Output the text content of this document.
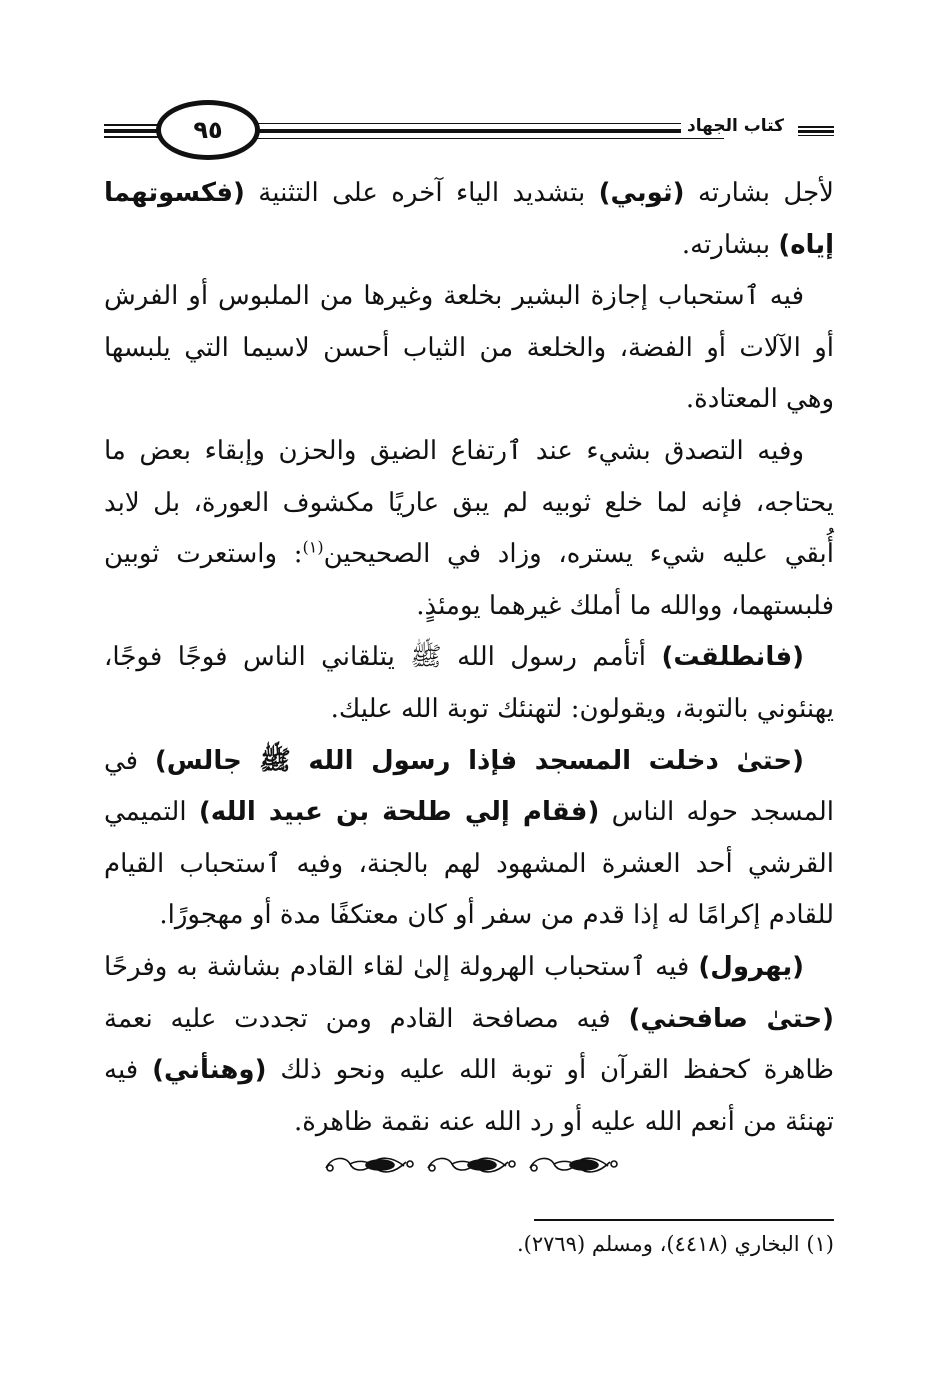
٩٥	كتاب الجهاد

لأجل بشارته (ثوبي) بتشديد الياء آخره على التثنية (فكسوتهما إياه) ببشارته.

فيه ٱستحباب إجازة البشير بخلعة وغيرها من الملبوس أو الفرش أو الآلات أو الفضة، والخلعة من الثياب أحسن لاسيما التي يلبسها وهي المعتادة.

وفيه التصدق بشيء عند ٱرتفاع الضيق والحزن وإبقاء بعض ما يحتاجه، فإنه لما خلع ثوبيه لم يبق عاريًا مكشوف العورة، بل لابد أُبقي عليه شيء يستره، وزاد في الصحيحين$^{(١)}$: واستعرت ثوبين فلبستهما، ووالله ما أملك غيرهما يومئذٍ.

(فانطلقت) أتأمم رسول الله ﷺ يتلقاني الناس فوجًا فوجًا، يهنئوني بالتوبة، ويقولون: لتهنئك توبة الله عليك.

(حتىٰ دخلت المسجد فإذا رسول الله ﷺ جالس) في المسجد حوله الناس (فقام إلي طلحة بن عبيد الله) التميمي القرشي أحد العشرة المشهود لهم بالجنة، وفيه ٱستحباب القيام للقادم إكرامًا له إذا قدم من سفر أو كان معتكفًا مدة أو مهجورًا.

(يهرول) فيه ٱستحباب الهرولة إلىٰ لقاء القادم بشاشة به وفرحًا (حتىٰ صافحني) فيه مصافحة القادم ومن تجددت عليه نعمة ظاهرة كحفظ القرآن أو توبة الله عليه ونحو ذلك (وهنأني) فيه تهنئة من أنعم الله عليه أو رد الله عنه نقمة ظاهرة.

(١) البخاري (٤٤١٨)، ومسلم (٢٧٦٩).
